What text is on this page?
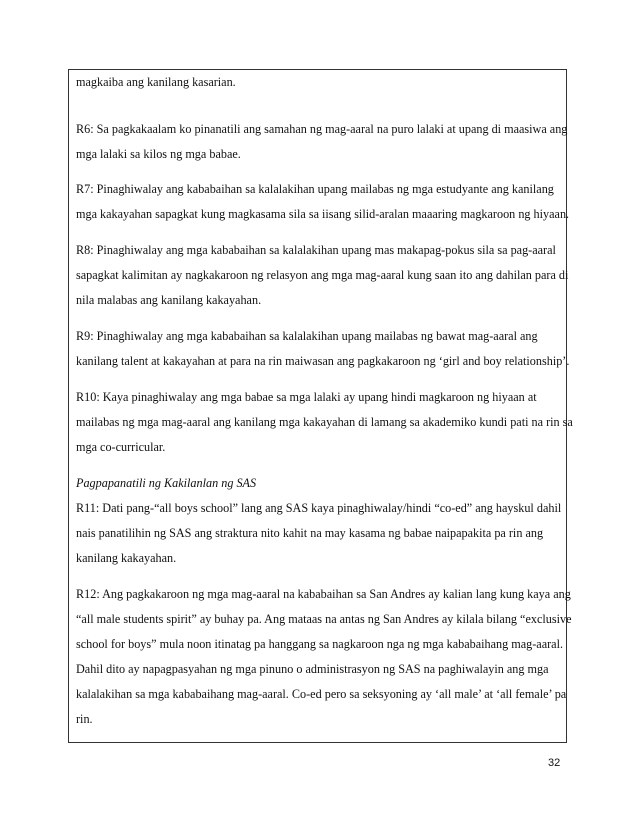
magkaiba ang kanilang kasarian.
R6: Sa pagkakaalam ko pinanatili ang samahan ng mag-aaral na puro lalaki at upang di maasiwa ang
mga lalaki sa kilos ng mga babae.
R7: Pinaghiwalay ang kababaihan sa kalalakihan upang mailabas ng mga estudyante ang kanilang
mga kakayahan sapagkat kung magkasama sila sa iisang silid-aralan maaaring magkaroon ng hiyaan.
R8: Pinaghiwalay ang mga kababaihan sa kalalakihan upang mas makapag-pokus sila sa pag-aaral
sapagkat kalimitan ay nagkakaroon ng relasyon ang mga mag-aaral kung saan ito ang dahilan para di
nila malabas ang kanilang kakayahan.
R9: Pinaghiwalay ang mga kababaihan sa kalalakihan upang mailabas ng bawat mag-aaral ang
kanilang talent at kakayahan at para na rin maiwasan ang pagkakaroon ng ‘girl and boy relationship’.
R10: Kaya pinaghiwalay ang mga babae sa mga lalaki ay upang hindi magkaroon ng hiyaan at
mailabas ng mga mag-aaral ang kanilang mga kakayahan di lamang sa akademiko kundi pati na rin sa
mga co-curricular.
Pagpapanatili ng Kakilanlan ng SAS
R11: Dati pang-“all boys school” lang ang SAS kaya pinaghiwalay/hindi “co-ed” ang hayskul dahil
nais panatilihin ng SAS ang straktura nito kahit na may kasama ng babae naipapakita pa rin ang
kanilang kakayahan.
R12: Ang pagkakaroon ng mga mag-aaral na kababaihan sa San Andres ay kalian lang kung kaya ang
“all male students spirit” ay buhay pa. Ang mataas na antas ng San Andres ay kilala bilang “exclusive
school for boys” mula noon itinatag pa hanggang sa nagkaroon nga ng mga kababaihang mag-aaral.
Dahil dito ay napagpasyahan ng mga pinuno o administrasyon ng SAS na paghiwalayin ang mga
kalalakihan sa mga kababaihang mag-aaral. Co-ed pero sa seksyoning ay ‘all male’ at ‘all female’ pa
rin.
32
